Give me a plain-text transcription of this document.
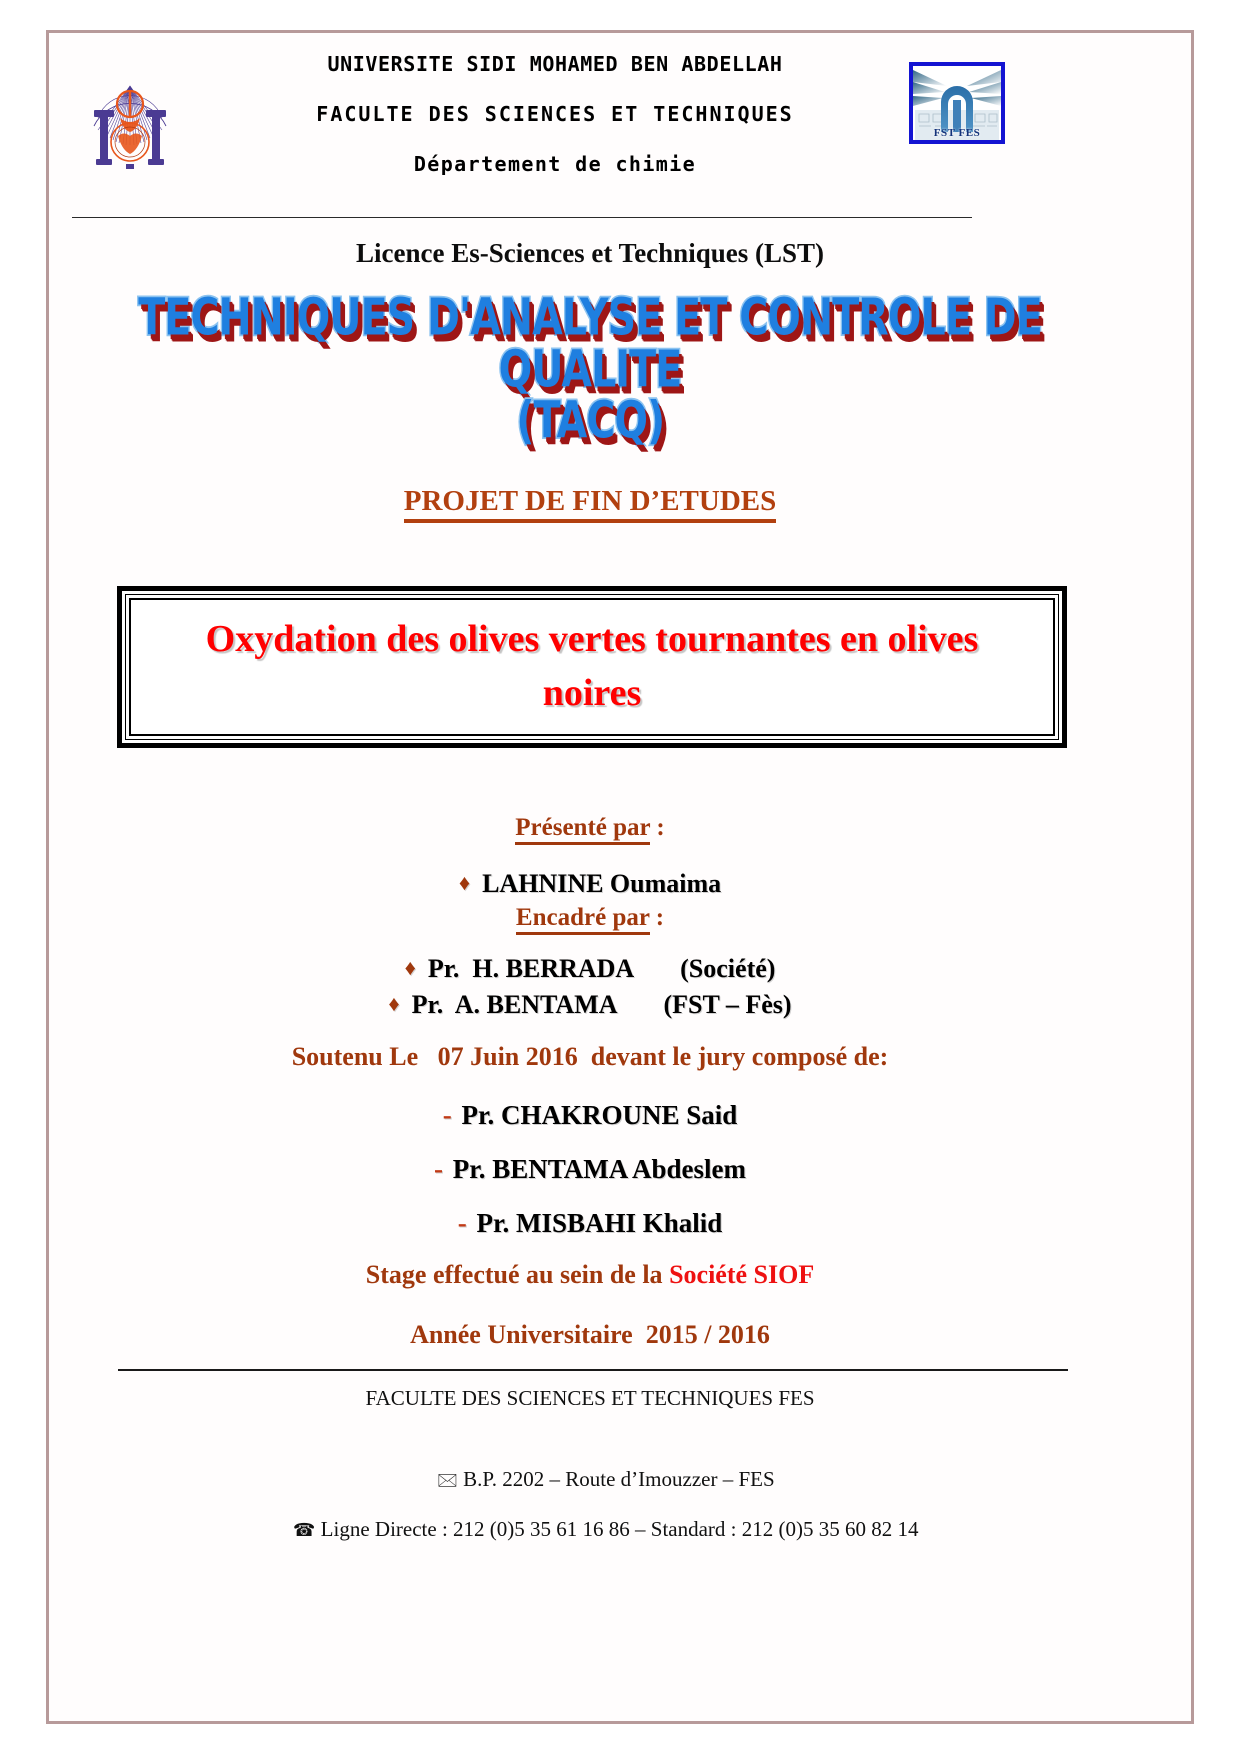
UNIVERSITE SIDI MOHAMED BEN ABDELLAH
FACULTE DES SCIENCES ET TECHNIQUES
Département de chimie
FST FES
Licence Es-Sciences et Techniques (LST)
TECHNIQUES D'ANALYSE ET CONTROLE DE QUALITE
(TACQ)
PROJET DE FIN D’ETUDES
Oxydation des olives vertes tournantes en olives noires
Présenté par :
♦ LAHNINE Oumaima
Encadré par :
♦ Pr.  H. BERRADA (Société)
♦ Pr.  A. BENTAMA (FST – Fès)
Soutenu Le   07 Juin 2016  devant le jury composé de:
- Pr. CHAKROUNE Said
- Pr. BENTAMA Abdeslem
- Pr. MISBAHI Khalid
Stage effectué au sein de la Société SIOF
Année Universitaire  2015 / 2016
FACULTE DES SCIENCES ET TECHNIQUES FES

🖂 B.P. 2202 – Route d’Imouzzer – FES

☎ Ligne Directe : 212 (0)5 35 61 16 86 – Standard : 212 (0)5 35 60 82 14
